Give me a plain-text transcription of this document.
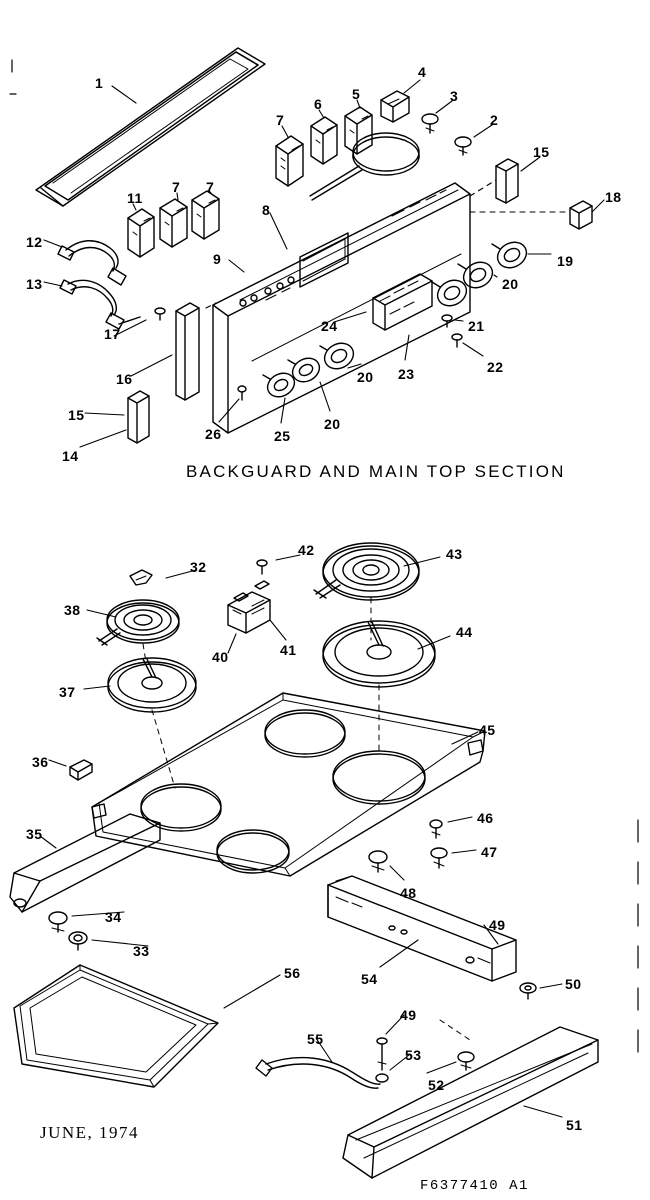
BACKGUARD AND MAIN TOP SECTION
JUNE, 1974
F6377410 A1
1
2
3
4
5
6
7
7 7
8
9
11
12
13
14
15
15
16
17
18
19
20
20
20
21
22
23
24
25
26
32
33
34
35
36
37
38
40	41
42	43
44
45
46
47
48
49
49
50
51
52
53
54
55
56
